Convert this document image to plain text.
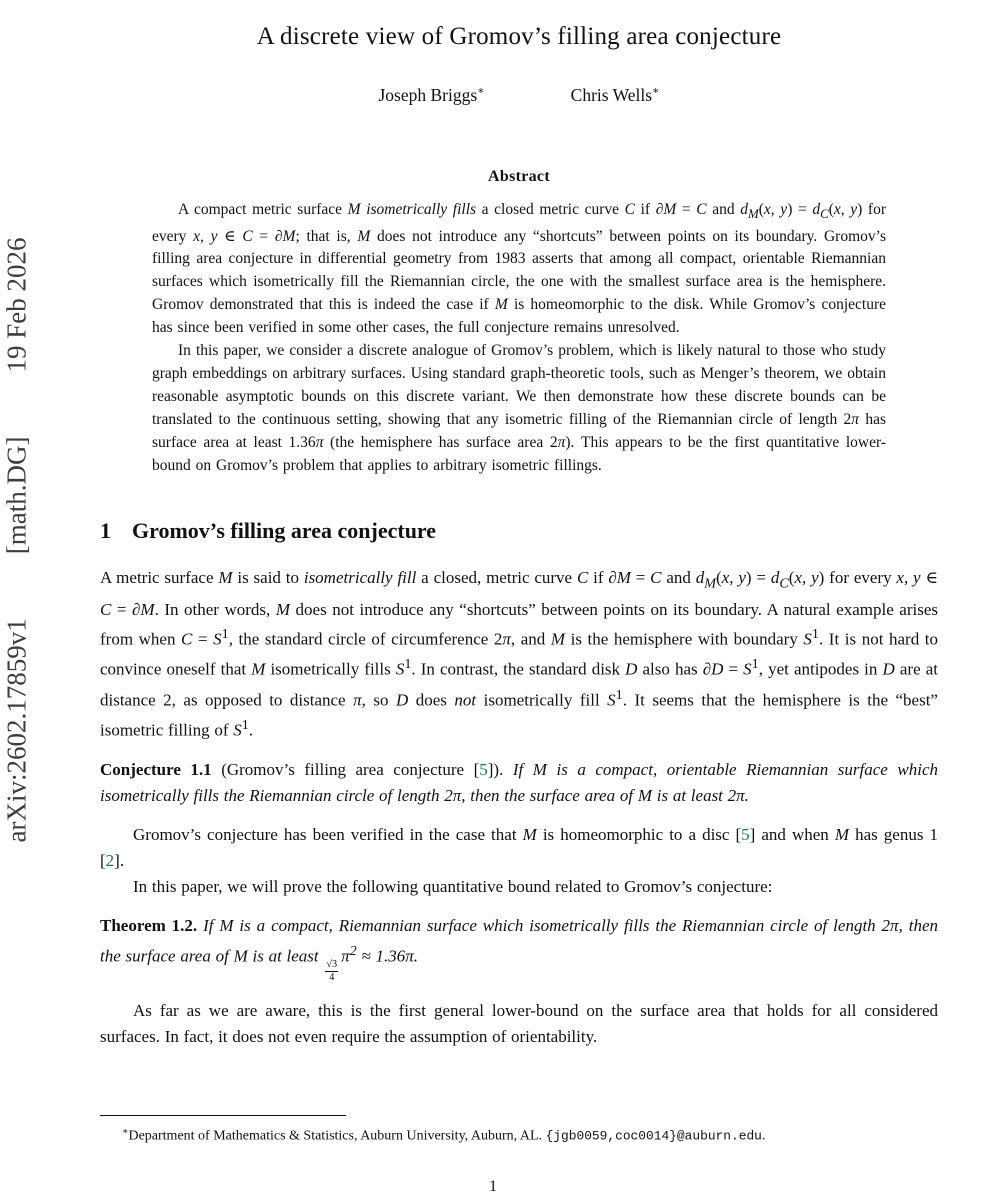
arXiv:2602.17859v1
[math.DG]
19 Feb 2026
A discrete view of Gromov’s filling area conjecture
Joseph Briggs∗	Chris Wells∗
Abstract

A compact metric surface M isometrically fills a closed metric curve C if ∂M = C and $d_M(x$, $y) = d_C(x$, y) for every x, y ∈ C = ∂M; that is, M does not introduce any “shortcuts” between points on its boundary. Gromov’s filling area conjecture in differential geometry from 1983 asserts that among all compact, orientable Riemannian surfaces which isometrically fill the Riemannian circle, the one with the smallest surface area is the hemisphere. Gromov demonstrated that this is indeed the case if M is homeomorphic to the disk. While Gromov’s conjecture has since been verified in some other cases, the full conjecture remains unresolved.

In this paper, we consider a discrete analogue of Gromov’s problem, which is likely natural to those who study graph embeddings on arbitrary surfaces. Using standard graph-theoretic tools, such as Menger’s theorem, we obtain reasonable asymptotic bounds on this discrete variant. We then demonstrate how these discrete bounds can be translated to the continuous setting, showing that any isometric filling of the Riemannian circle of length 2π has surface area at least 1.36π (the hemisphere has surface area 2π). This appears to be the first quantitative lower-bound on Gromov’s problem that applies to arbitrary isometric fillings.

1 Gromov’s filling area conjecture

A metric surface M is said to isometrically fill a closed, metric curve C if ∂M = C and $d_M(x$, $y) = d_C(x$, y) for every x, y ∈ C = ∂M. In other words, M does not introduce any “shortcuts” between points on its boundary. A natural example arises from when $C = S^1$, the standard circle of circumference 2π, and M is the hemisphere with boundary $S^1$. It is not hard to convince oneself that M isometrically fills $S^1$. In contrast, the standard disk D also has $\partial D = S^1$, yet antipodes in D are at distance 2, as opposed to distance π, so D does not isometrically fill $S^1$. It seems that the hemisphere is the “best” isometric filling of $S^1$.

Conjecture 1.1 (Gromov’s filling area conjecture [5]). If M is a compact, orientable Riemannian surface which isometrically fills the Riemannian circle of length 2π, then the surface area of M is at least 2π.

Gromov’s conjecture has been verified in the case that M is homeomorphic to a disc [5] and when M has genus 1 [2].

In this paper, we will prove the following quantitative bound related to Gromov’s conjecture:

Theorem 1.2. If M is a compact, Riemannian surface which isometrically fills the Riemannian circle of length 2π, then the surface area of M is at least
$\frac{√3}{4}$
$\pi^2 \approx 1.36\pi$.

As far as we are aware, this is the first general lower-bound on the surface area that holds for all considered surfaces. In fact, it does not even require the assumption of orientability.

∗Department of Mathematics & Statistics, Auburn University, Auburn, AL. {jgb0059,coc0014}@auburn.edu.

1
